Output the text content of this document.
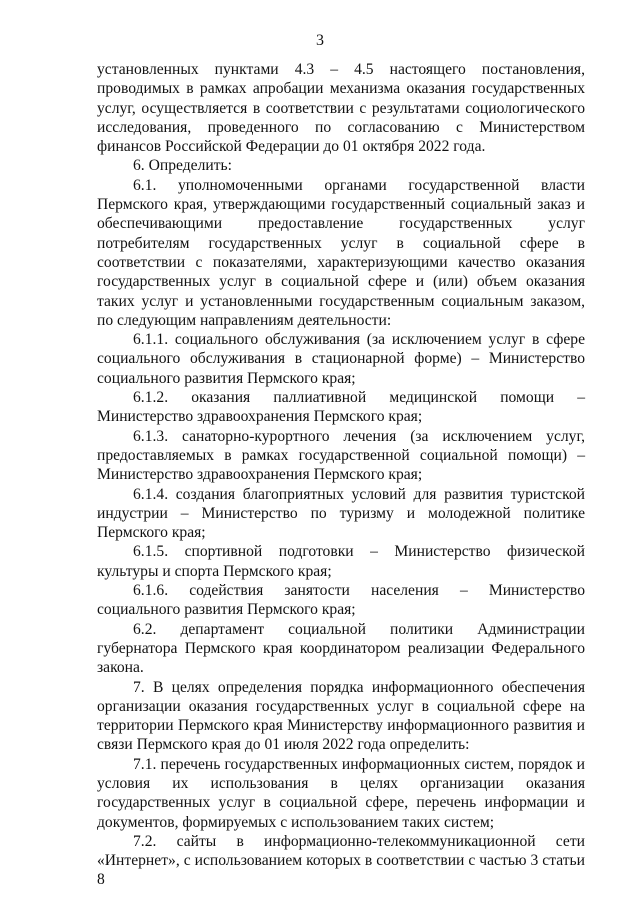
3

установленных пунктами 4.3 – 4.5 настоящего постановления, проводимых в рамках апробации механизма оказания государственных услуг, осуществляется в соответствии с результатами социологического исследования, проведенного по согласованию с Министерством финансов Российской Федерации до 01 октября 2022 года.

6. Определить:

6.1. уполномоченными органами государственной власти Пермского края, утверждающими государственный социальный заказ и обеспечивающими предоставление государственных услуг потребителям государственных услуг в социальной сфере в соответствии с показателями, характеризующими качество оказания государственных услуг в социальной сфере и (или) объем оказания таких услуг и установленными государственным социальным заказом, по следующим направлениям деятельности:

6.1.1. социального обслуживания (за исключением услуг в сфере социального обслуживания в стационарной форме) – Министерство социального развития Пермского края;

6.1.2. оказания паллиативной медицинской помощи – Министерство здравоохранения Пермского края;

6.1.3. санаторно-курортного лечения (за исключением услуг, предоставляемых в рамках государственной социальной помощи) – Министерство здравоохранения Пермского края;

6.1.4. создания благоприятных условий для развития туристской индустрии – Министерство по туризму и молодежной политике Пермского края;

6.1.5. спортивной подготовки – Министерство физической культуры и спорта Пермского края;

6.1.6. содействия занятости населения – Министерство социального развития Пермского края;

6.2. департамент социальной политики Администрации губернатора Пермского края координатором реализации Федерального закона.

7. В целях определения порядка информационного обеспечения организации оказания государственных услуг в социальной сфере на территории Пермского края Министерству информационного развития и связи Пермского края до 01 июля 2022 года определить:

7.1. перечень государственных информационных систем, порядок и условия их использования в целях организации оказания государственных услуг в социальной сфере, перечень информации и документов, формируемых с использованием таких систем;

7.2. сайты в информационно-телекоммуникационной сети «Интернет», с использованием которых в соответствии с частью 3 статьи 8
